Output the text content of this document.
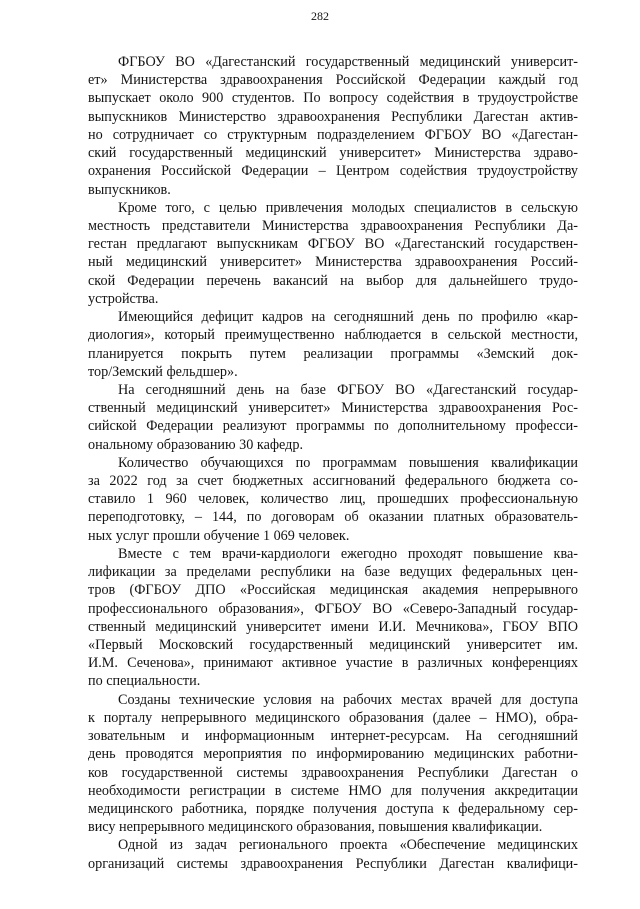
282
ФГБОУ ВО «Дагестанский государственный медицинский университ-
ет» Министерства здравоохранения Российской Федерации каждый год
выпускает около 900 студентов. По вопросу содействия в трудоустройстве
выпускников Министерство здравоохранения Республики Дагестан актив-
но сотрудничает со структурным подразделением ФГБОУ ВО «Дагестан-
ский государственный медицинский университет» Министерства здраво-
охранения Российской Федерации – Центром содействия трудоустройству
выпускников.
Кроме того, с целью привлечения молодых специалистов в сельскую
местность представители Министерства здравоохранения Республики Да-
гестан предлагают выпускникам ФГБОУ ВО «Дагестанский государствен-
ный медицинский университет» Министерства здравоохранения Россий-
ской Федерации перечень вакансий на выбор для дальнейшего трудо-
устройства.
Имеющийся дефицит кадров на сегодняшний день по профилю «кар-
диология», который преимущественно наблюдается в сельской местности,
планируется покрыть путем реализации программы «Земский док-
тор/Земский фельдшер».
На сегодняшний день на базе ФГБОУ ВО «Дагестанский государ-
ственный медицинский университет» Министерства здравоохранения Рос-
сийской Федерации реализуют программы по дополнительному професси-
ональному образованию 30 кафедр.
Количество обучающихся по программам повышения квалификации
за 2022 год за счет бюджетных ассигнований федерального бюджета со-
ставило 1 960 человек, количество лиц, прошедших профессиональную
переподготовку, – 144, по договорам об оказании платных образователь-
ных услуг прошли обучение 1 069 человек.
Вместе с тем врачи-кардиологи ежегодно проходят повышение ква-
лификации за пределами республики на базе ведущих федеральных цен-
тров (ФГБОУ ДПО «Российская медицинская академия непрерывного
профессионального образования», ФГБОУ ВО «Северо-Западный государ-
ственный медицинский университет имени И.И. Мечникова», ГБОУ ВПО
«Первый Московский государственный медицинский университет им.
И.М. Сеченова», принимают активное участие в различных конференциях
по специальности.
Созданы технические условия на рабочих местах врачей для доступа
к порталу непрерывного медицинского образования (далее – НМО), обра-
зовательным и информационным интернет-ресурсам. На сегодняшний
день проводятся мероприятия по информированию медицинских работни-
ков государственной системы здравоохранения Республики Дагестан о
необходимости регистрации в системе НМО для получения аккредитации
медицинского работника, порядке получения доступа к федеральному сер-
вису непрерывного медицинского образования, повышения квалификации.
Одной из задач регионального проекта «Обеспечение медицинских
организаций системы здравоохранения Республики Дагестан квалифици-
